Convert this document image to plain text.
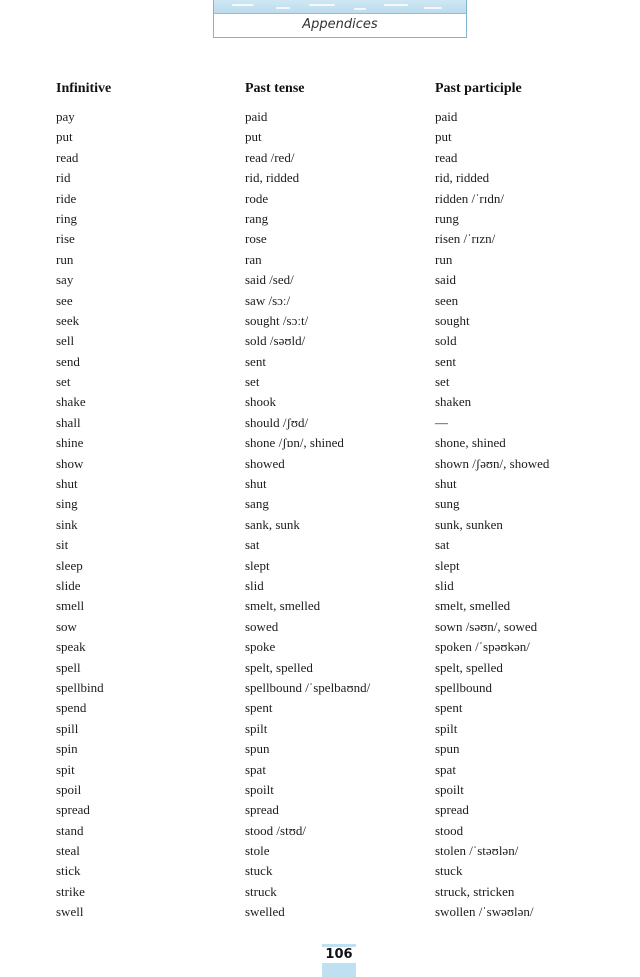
Appendices
Infinitive	Past tense	Past participle
pay	paid	paid
put	put	put
read	read /red/	read
rid	rid, ridded	rid, ridded
ride	rode	ridden /ˈrɪdn/
ring	rang	rung
rise	rose	risen /ˈrɪzn/
run	ran	run
say	said /sed/	said
see	saw /sɔː/	seen
seek	sought /sɔːt/	sought
sell	sold /səʊld/	sold
send	sent	sent
set	set	set
shake	shook	shaken
shall	should /ʃʊd/	—
shine	shone /ʃɒn/, shined	shone, shined
show	showed	shown /ʃəʊn/, showed
shut	shut	shut
sing	sang	sung
sink	sank, sunk	sunk, sunken
sit	sat	sat
sleep	slept	slept
slide	slid	slid
smell	smelt, smelled	smelt, smelled
sow	sowed	sown /səʊn/, sowed
speak	spoke	spoken /ˈspəʊkən/
spell	spelt, spelled	spelt, spelled
spellbind	spellbound /ˈspelbaʊnd/	spellbound
spend	spent	spent
spill	spilt	spilt
spin	spun	spun
spit	spat	spat
spoil	spoilt	spoilt
spread	spread	spread
stand	stood /stʊd/	stood
steal	stole	stolen /ˈstəʊlən/
stick	stuck	stuck
strike	struck	struck, stricken
swell	swelled	swollen /ˈswəʊlən/
106
